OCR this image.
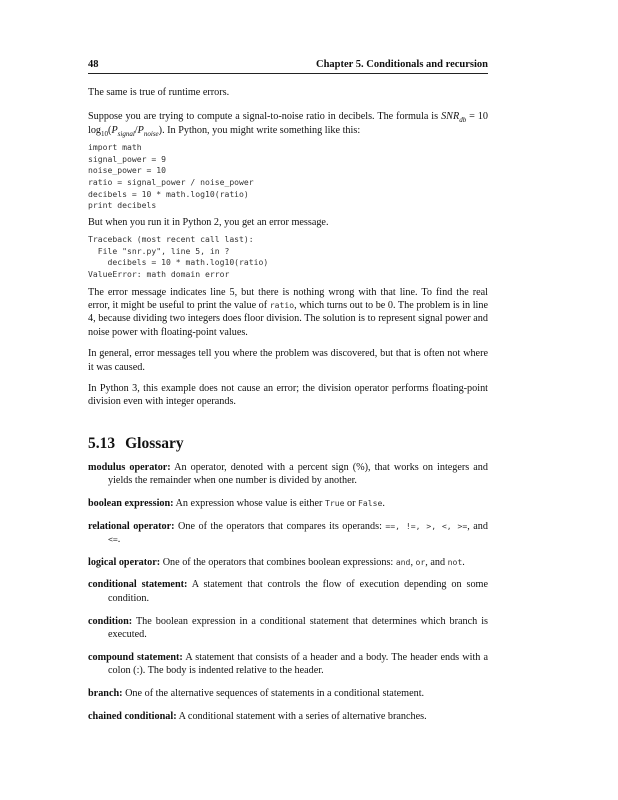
48	Chapter 5. Conditionals and recursion

The same is true of runtime errors.

Suppose you are trying to compute a signal-to-noise ratio in decibels. The formula is $SNR_{db} = 10$ $\log_{10}(P_{signal}/P_{noise})$. In Python, you might write something like this:

import math
signal_power = 9
noise_power = 10
ratio = signal_power / noise_power
decibels = 10 * math.log10(ratio)
print decibels

But when you run it in Python 2, you get an error message.

Traceback (most recent call last):
File "snr.py", line 5, in ?
decibels = 10 * math.log10(ratio)
ValueError: math domain error

The error message indicates line 5, but there is nothing wrong with that line. To find the real error, it might be useful to print the value of ratio, which turns out to be 0. The problem is in line 4, because dividing two integers does floor division. The solution is to represent signal power and noise power with floating-point values.

In general, error messages tell you where the problem was discovered, but that is often not where it was caused.

In Python 3, this example does not cause an error; the division operator performs floating-point division even with integer operands.

5.13 Glossary
modulus operator: An operator, denoted with a percent sign (%), that works on integers and yields the remainder when one number is divided by another.
boolean expression: An expression whose value is either True or False.
relational operator: One of the operators that compares its operands: ==, !=, >, <, >=, and <=.
logical operator: One of the operators that combines boolean expressions: and, or, and not.
conditional statement: A statement that controls the flow of execution depending on some condition.
condition: The boolean expression in a conditional statement that determines which branch is executed.
compound statement: A statement that consists of a header and a body. The header ends with a colon (:). The body is indented relative to the header.
branch: One of the alternative sequences of statements in a conditional statement.
chained conditional: A conditional statement with a series of alternative branches.
